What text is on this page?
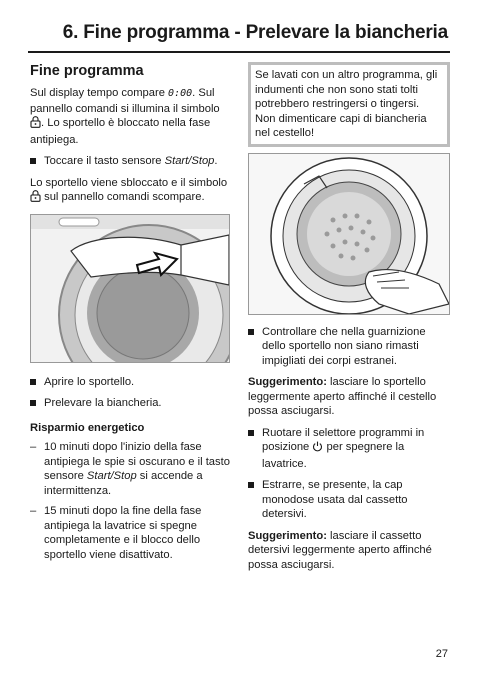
6. Fine programma - Prelevare la biancheria
Fine programma

Sul display tempo compare 0:00. Sul pannello comandi si illumina il simbolo . Lo sportello è bloccato nella fase antipiega.

Toccare il tasto sensore Start/Stop.

Lo sportello viene sbloccato e il simbolo  sul pannello comandi scompare.

Aprire lo sportello.
Prelevare la biancheria.
Risparmio energetico
– 10 minuti dopo l'inizio della fase antipiega le spie si oscurano e il tasto sensore Start/Stop si accende a intermittenza.
– 15 minuti dopo la fine della fase antipiega la lavatrice si spegne completamente e il blocco dello sportello viene disattivato.
Se lavati con un altro programma, gli indumenti che non sono stati tolti potrebbero restringersi o tingersi.
Non dimenticare capi di biancheria nel cestello!
Controllare che nella guarnizione dello sportello non siano rimasti impigliati dei corpi estranei.

Suggerimento: lasciare lo sportello leggermente aperto affinché il cestello possa asciugarsi.

Ruotare il selettore programmi in posizione  per spegnere la lavatrice.
Estrarre, se presente, la cap monodose usata dal cassetto detersivi.

Suggerimento: lasciare il cassetto detersivi leggermente aperto affinché possa asciugarsi.

27
